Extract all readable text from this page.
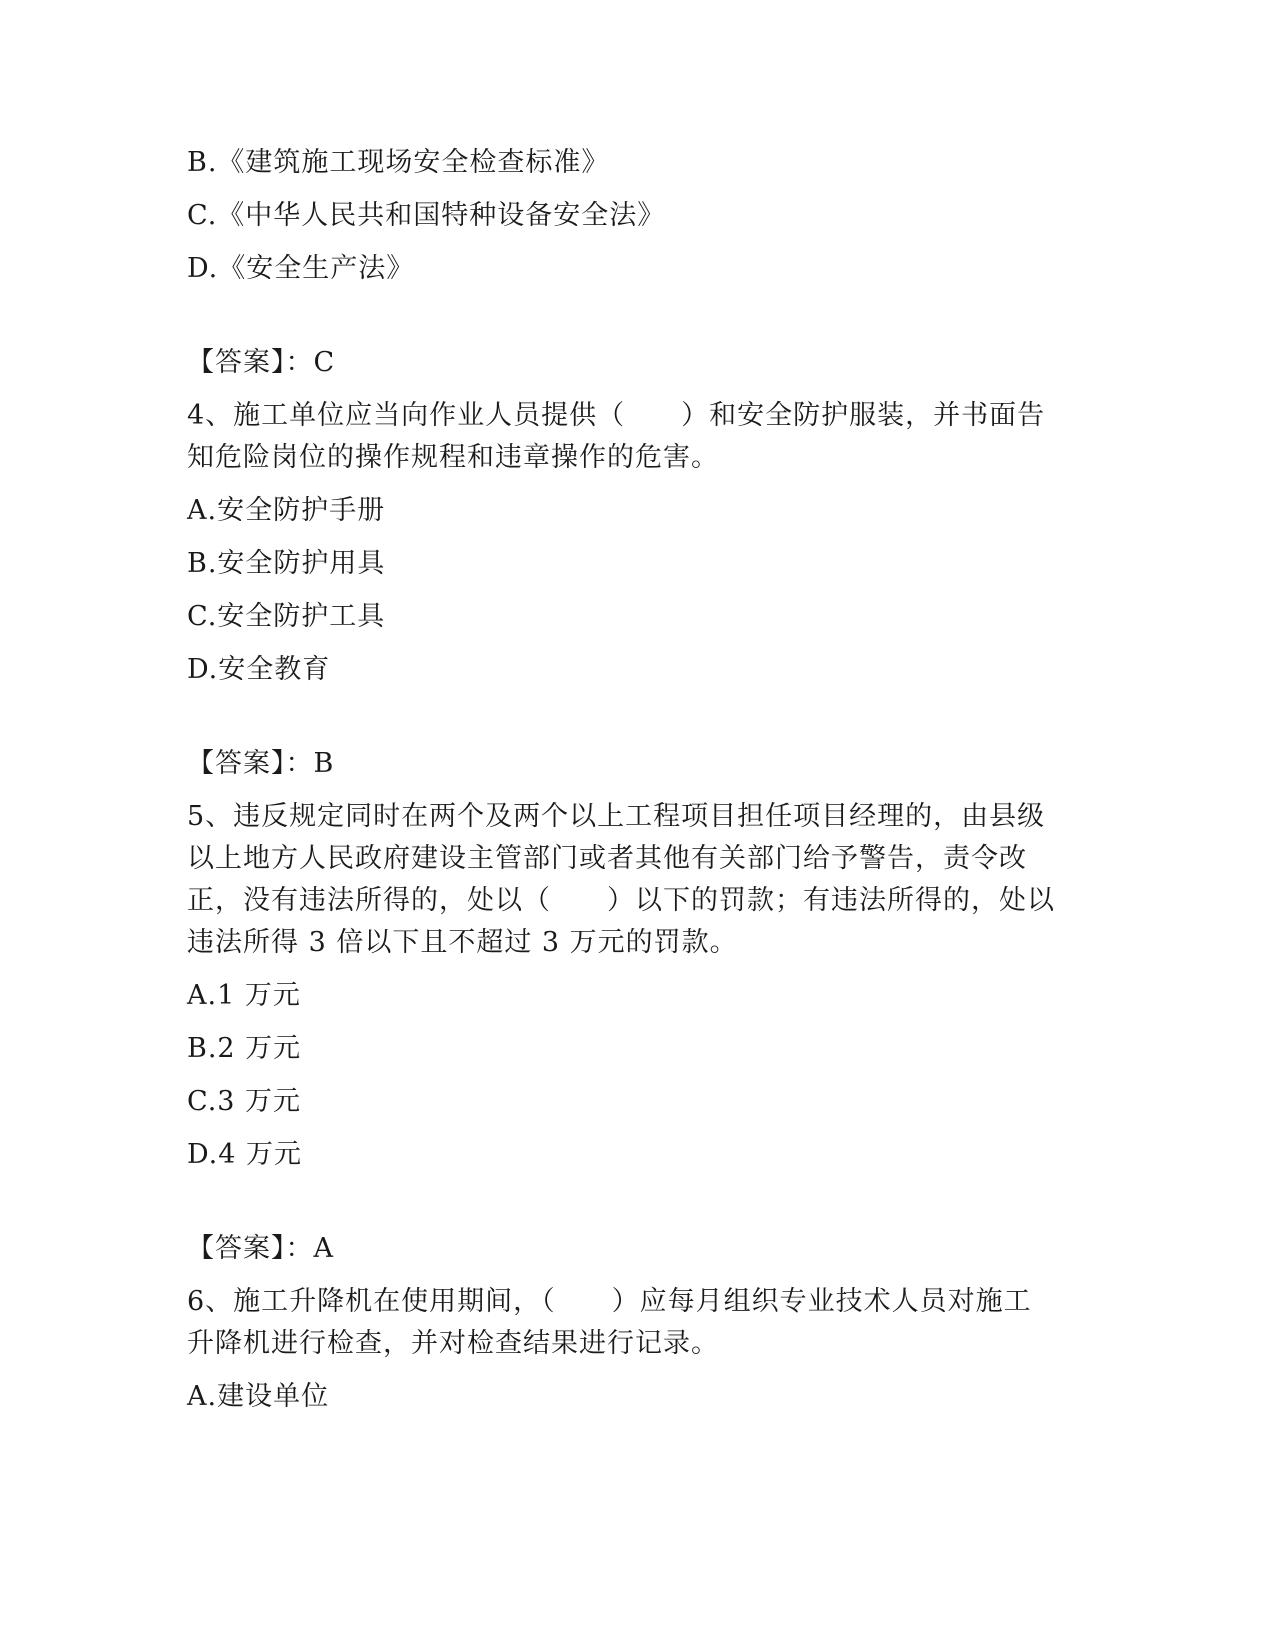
B.《建筑施工现场安全检查标准》
C.《中华人民共和国特种设备安全法》
D.《安全生产法》
【答案】：C
4、施工单位应当向作业人员提供（　　）和安全防护服装，并书面告
知危险岗位的操作规程和违章操作的危害。
A.安全防护手册
B.安全防护用具
C.安全防护工具
D.安全教育
【答案】：B
5、违反规定同时在两个及两个以上工程项目担任项目经理的，由县级
以上地方人民政府建设主管部门或者其他有关部门给予警告，责令改
正，没有违法所得的，处以（　　）以下的罚款；有违法所得的，处以
违法所得 3 倍以下且不超过 3 万元的罚款。
A.1 万元
B.2 万元
C.3 万元
D.4 万元
【答案】：A
6、施工升降机在使用期间，（　　）应每月组织专业技术人员对施工
升降机进行检查，并对检查结果进行记录。
A.建设单位
